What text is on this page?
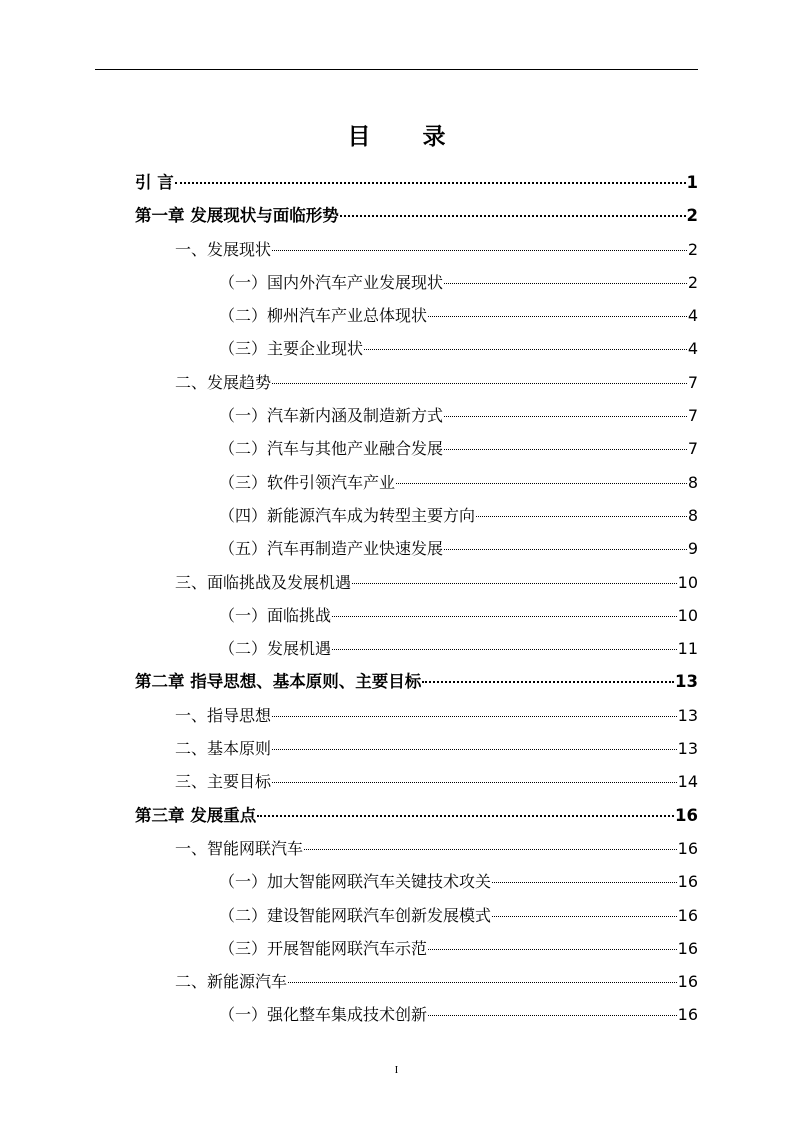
目 录
引 言	1
第一章 发展现状与面临形势	2
一、发展现状	2
（一）国内外汽车产业发展现状	2
（二）柳州汽车产业总体现状	4
（三）主要企业现状	4
二、发展趋势	7
（一）汽车新内涵及制造新方式	7
（二）汽车与其他产业融合发展	7
（三）软件引领汽车产业	8
（四）新能源汽车成为转型主要方向	8
（五）汽车再制造产业快速发展	9
三、面临挑战及发展机遇	10
（一）面临挑战	10
（二）发展机遇	11
第二章 指导思想、基本原则、主要目标	13
一、指导思想	13
二、基本原则	13
三、主要目标	14
第三章 发展重点	16
一、智能网联汽车	16
（一）加大智能网联汽车关键技术攻关	16
（二）建设智能网联汽车创新发展模式	16
（三）开展智能网联汽车示范	16
二、新能源汽车	16
（一）强化整车集成技术创新	16
I
